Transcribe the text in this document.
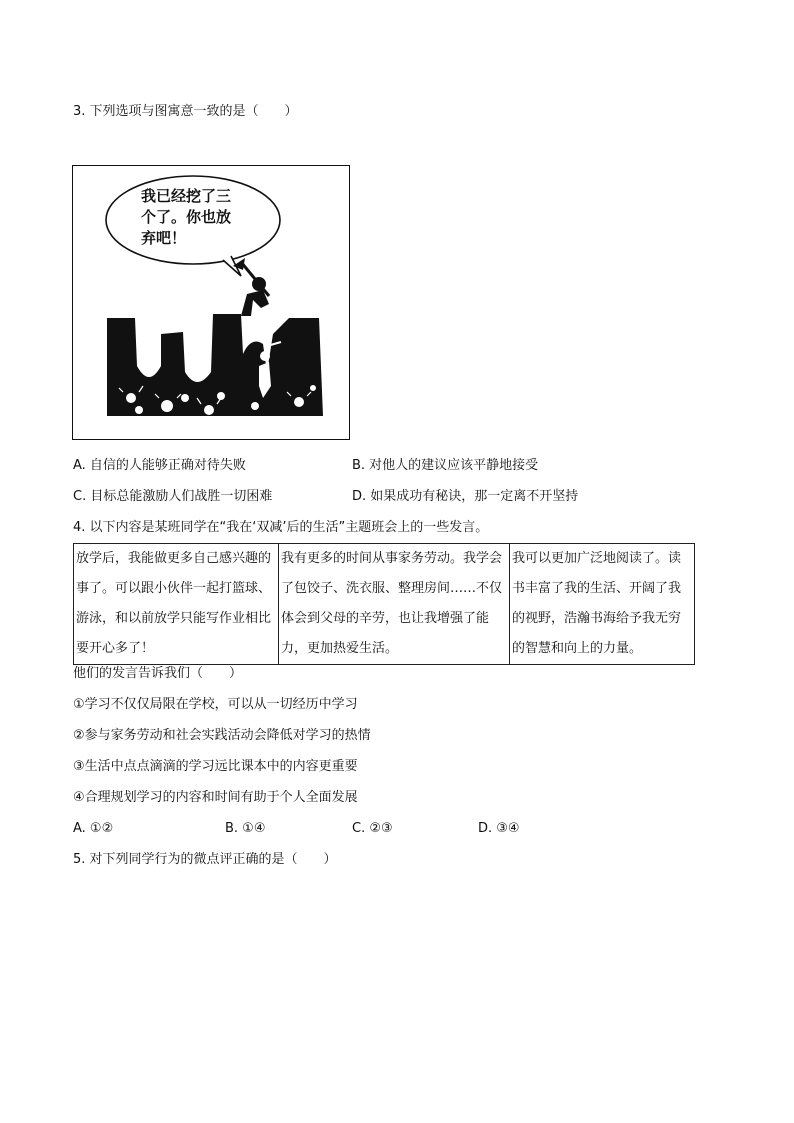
3. 下列选项与图寓意一致的是（　　）
我已经挖了三
个了。你也放
弃吧！
A. 自信的人能够正确对待失败	B. 对他人的建议应该平静地接受
C. 目标总能激励人们战胜一切困难	D. 如果成功有秘诀，那一定离不开坚持
4. 以下内容是某班同学在“我在‘双减’后的生活”主题班会上的一些发言。
放学后，我能做更多自己感兴趣的事了。可以跟小伙伴一起打篮球、游泳，和以前放学只能写作业相比要开心多了！	我有更多的时间从事家务劳动。我学会了包饺子、洗衣服、整理房间……不仅体会到父母的辛劳，也让我增强了能力，更加热爱生活。	我可以更加广泛地阅读了。读书丰富了我的生活、开阔了我的视野，浩瀚书海给予我无穷的智慧和向上的力量。
他们的发言告诉我们（　　）
①学习不仅仅局限在学校，可以从一切经历中学习
②参与家务劳动和社会实践活动会降低对学习的热情
③生活中点点滴滴的学习远比课本中的内容更重要
④合理规划学习的内容和时间有助于个人全面发展
A. ①②	B. ①④	C. ②③	D. ③④
5. 对下列同学行为的微点评正确的是（　　）
